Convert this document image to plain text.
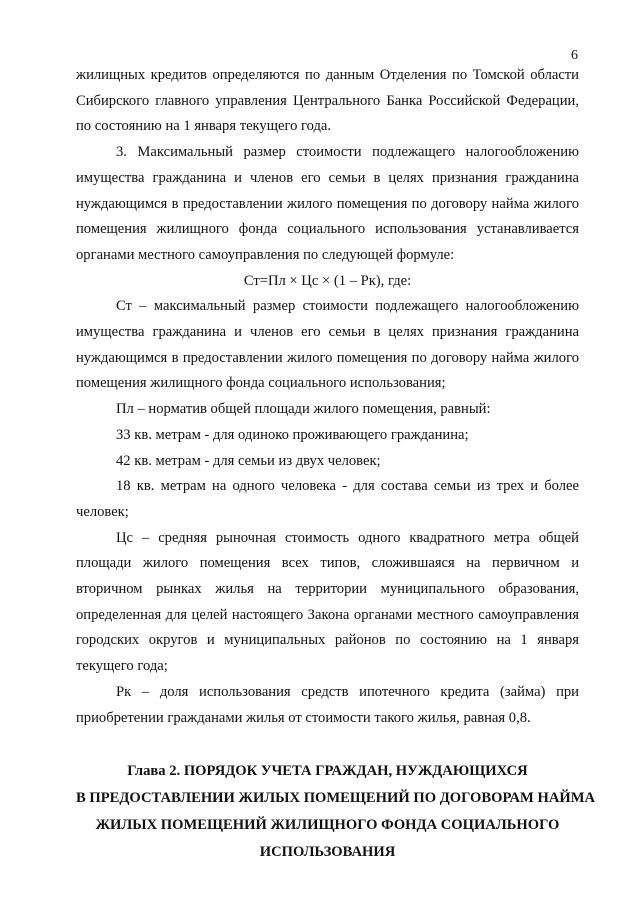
6

жилищных кредитов определяются по данным Отделения по Томской области Сибирского главного управления Центрального Банка Российской Федерации, по состоянию на 1 января текущего года.

3. Максимальный размер стоимости подлежащего налогообложению имущества гражданина и членов его семьи в целях признания гражданина нуждающимся в предоставлении жилого помещения по договору найма жилого помещения жилищного фонда социального использования устанавливается органами местного самоуправления по следующей формуле:

Ст=Пл × Цс × (1 – Рк), где:

Ст – максимальный размер стоимости подлежащего налогообложению имущества гражданина и членов его семьи в целях признания гражданина нуждающимся в предоставлении жилого помещения по договору найма жилого помещения жилищного фонда социального использования;

Пл – норматив общей площади жилого помещения, равный:

33 кв. метрам - для одиноко проживающего гражданина;

42 кв. метрам - для семьи из двух человек;

18 кв. метрам на одного человека - для состава семьи из трех и более человек;

Цс – средняя рыночная стоимость одного квадратного метра общей площади жилого помещения всех типов, сложившаяся на первичном и вторичном рынках жилья на территории муниципального образования, определенная для целей настоящего Закона органами местного самоуправления городских округов и муниципальных районов по состоянию на 1 января текущего года;

Рк – доля использования средств ипотечного кредита (займа) при приобретении гражданами жилья от стоимости такого жилья, равная 0,8.

Глава 2. ПОРЯДОК УЧЕТА ГРАЖДАН, НУЖДАЮЩИХСЯ
В ПРЕДОСТАВЛЕНИИ ЖИЛЫХ ПОМЕЩЕНИЙ ПО ДОГОВОРАМ НАЙМА
ЖИЛЫХ ПОМЕЩЕНИЙ ЖИЛИЩНОГО ФОНДА СОЦИАЛЬНОГО
ИСПОЛЬЗОВАНИЯ
